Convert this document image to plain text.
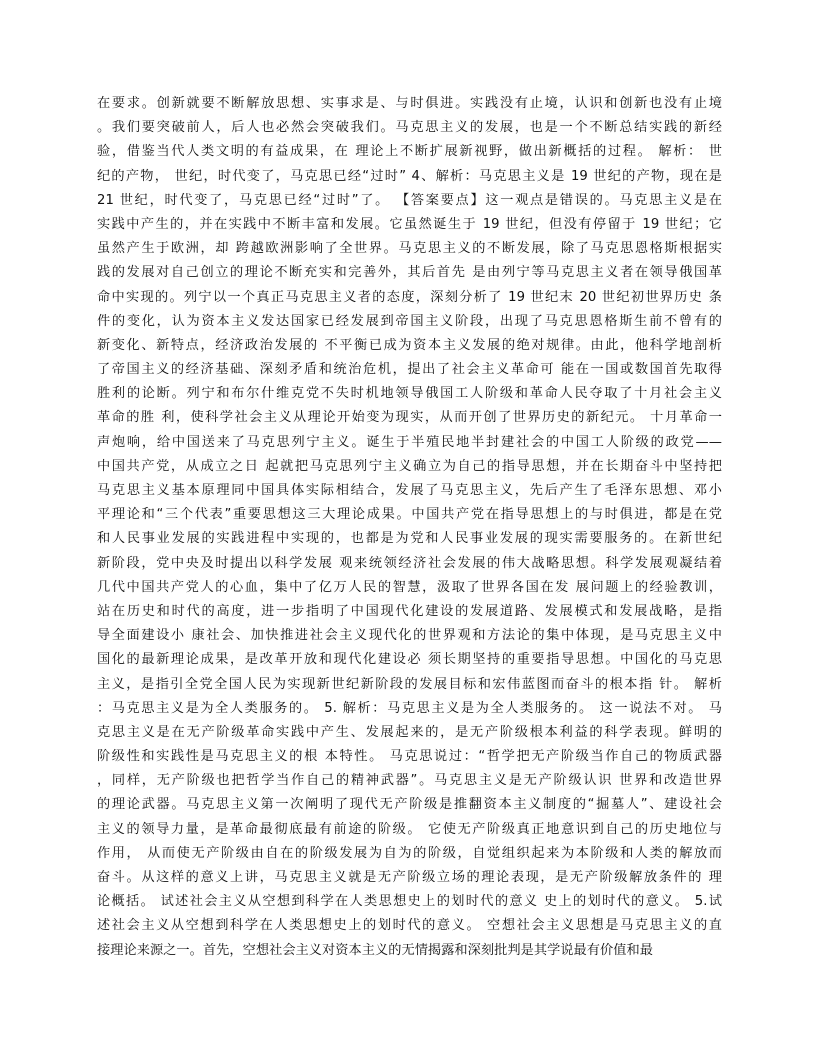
在要求。创新就要不断解放思想、实事求是、与时俱进。实践没有止境，认识和创新也没有止境
。我们要突破前人，后人也必然会突破我们。马克思主义的发展，也是一个不断总结实践的新经
验，借鉴当代人类文明的有益成果，在 理论上不断扩展新视野，做出新概括的过程。 解析： 世
纪的产物， 世纪，时代变了，马克思已经“过时” 4、解析：马克思主义是 19 世纪的产物，现在是
21 世纪，时代变了，马克思已经“过时”了。 【答案要点】这一观点是错误的。马克思主义是在
实践中产生的，并在实践中不断丰富和发展。它虽然诞生于 19 世纪，但没有停留于 19 世纪；它
虽然产生于欧洲，却 跨越欧洲影响了全世界。马克思主义的不断发展，除了马克思恩格斯根据实
践的发展对自己创立的理论不断充实和完善外，其后首先 是由列宁等马克思主义者在领导俄国革
命中实现的。列宁以一个真正马克思主义者的态度，深刻分析了 19 世纪末 20 世纪初世界历史 条
件的变化，认为资本主义发达国家已经发展到帝国主义阶段，出现了马克思恩格斯生前不曾有的
新变化、新特点，经济政治发展的 不平衡已成为资本主义发展的绝对规律。由此，他科学地剖析
了帝国主义的经济基础、深刻矛盾和统治危机，提出了社会主义革命可 能在一国或数国首先取得
胜利的论断。列宁和布尔什维克党不失时机地领导俄国工人阶级和革命人民夺取了十月社会主义
革命的胜 利，使科学社会主义从理论开始变为现实，从而开创了世界历史的新纪元。 十月革命一
声炮响，给中国送来了马克思列宁主义。诞生于半殖民地半封建社会的中国工人阶级的政党——
中国共产党，从成立之日 起就把马克思列宁主义确立为自己的指导思想，并在长期奋斗中坚持把
马克思主义基本原理同中国具体实际相结合，发展了马克思主义，先后产生了毛泽东思想、邓小
平理论和“三个代表”重要思想这三大理论成果。中国共产党在指导思想上的与时俱进，都是在党
和人民事业发展的实践进程中实现的，也都是为党和人民事业发展的现实需要服务的。在新世纪
新阶段，党中央及时提出以科学发展 观来统领经济社会发展的伟大战略思想。科学发展观凝结着
几代中国共产党人的心血，集中了亿万人民的智慧，汲取了世界各国在发 展问题上的经验教训，
站在历史和时代的高度，进一步指明了中国现代化建设的发展道路、发展模式和发展战略，是指
导全面建设小 康社会、加快推进社会主义现代化的世界观和方法论的集中体现，是马克思主义中
国化的最新理论成果，是改革开放和现代化建设必 须长期坚持的重要指导思想。中国化的马克思
主义，是指引全党全国人民为实现新世纪新阶段的发展目标和宏伟蓝图而奋斗的根本指 针。 解析
：马克思主义是为全人类服务的。 5. 解析：马克思主义是为全人类服务的。 这一说法不对。 马
克思主义是在无产阶级革命实践中产生、发展起来的，是无产阶级根本利益的科学表现。鲜明的
阶级性和实践性是马克思主义的根 本特性。 马克思说过：“哲学把无产阶级当作自己的物质武器
，同样，无产阶级也把哲学当作自己的精神武器”。马克思主义是无产阶级认识 世界和改造世界
的理论武器。马克思主义第一次阐明了现代无产阶级是推翻资本主义制度的“掘墓人”、建设社会
主义的领导力量，是革命最彻底最有前途的阶级。 它使无产阶级真正地意识到自己的历史地位与
作用， 从而使无产阶级由自在的阶级发展为自为的阶级，自觉组织起来为本阶级和人类的解放而
奋斗。从这样的意义上讲，马克思主义就是无产阶级立场的理论表现，是无产阶级解放条件的 理
论概括。 试述社会主义从空想到科学在人类思想史上的划时代的意义 史上的划时代的意义。 5.试
述社会主义从空想到科学在人类思想史上的划时代的意义。 空想社会主义思想是马克思主义的直
接理论来源之一。首先，空想社会主义对资本主义的无情揭露和深刻批判是其学说最有价值和最
